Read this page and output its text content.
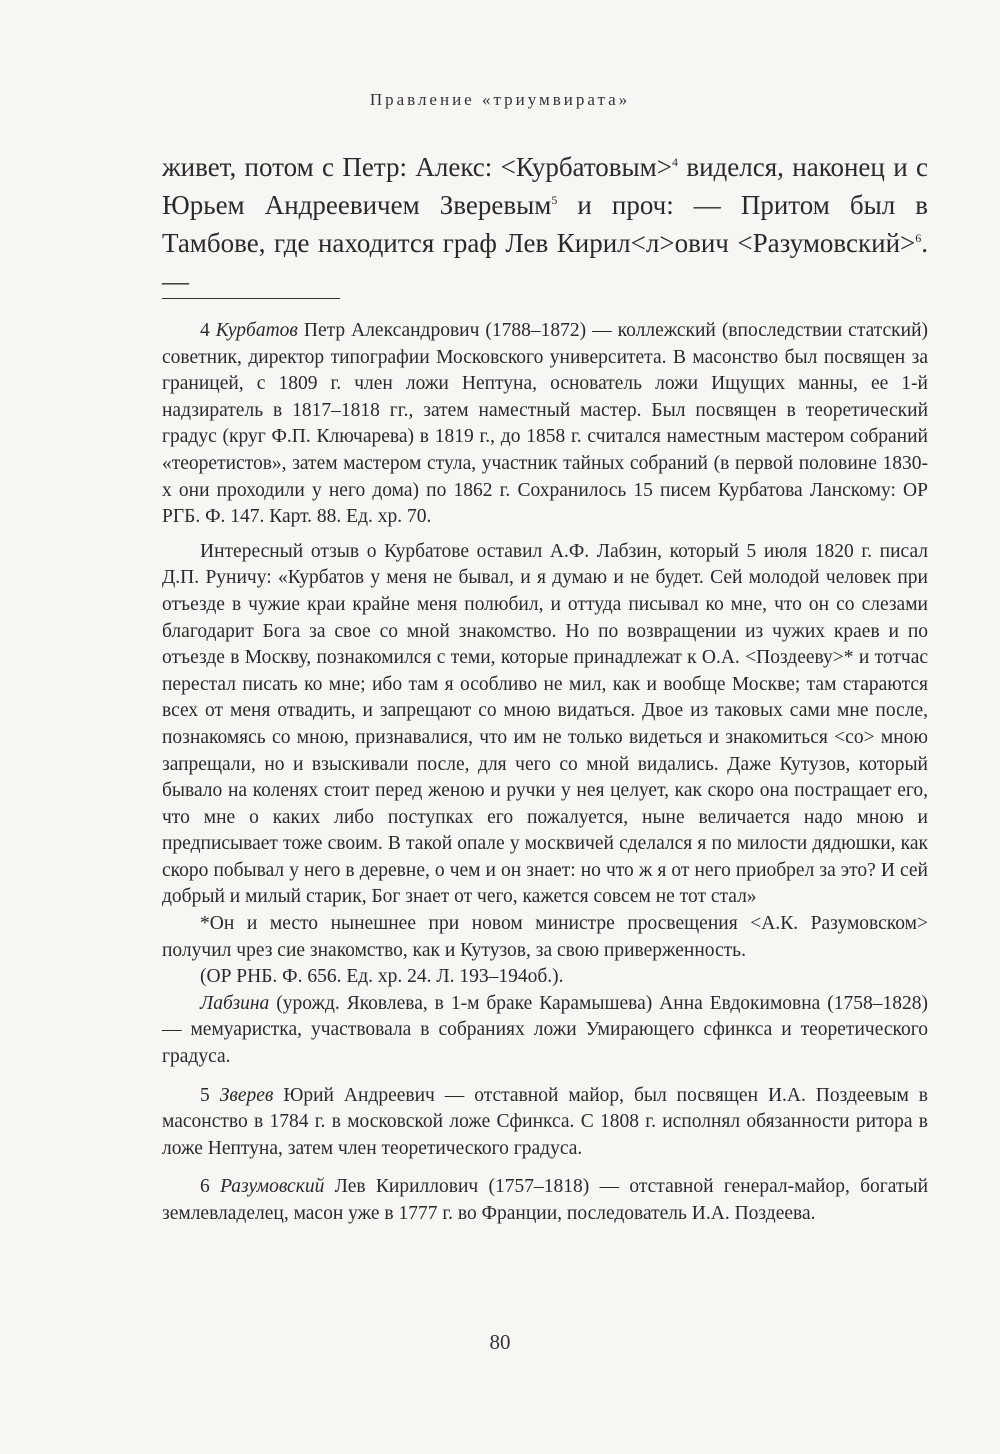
Правление «триумвирата»

живет, потом с Петр: Алекс: <Курбатовым>$^4$ виделся, наконец и с Юрьем Андреевичем Зверевым$^5$ и проч: — Притом был в Тамбове, где находится граф Лев Кирил<л>ович <Разумовский>$^6$. —

4 Курбатов Петр Александрович (1788–1872) — коллежский (впоследствии статский) советник, директор типографии Московского университета. В масонство был посвящен за границей, с 1809 г. член ложи Нептуна, основатель ложи Ищущих манны, ее 1-й надзиратель в 1817–1818 гг., затем наместный мастер. Был посвящен в теоретический градус (круг Ф.П. Ключарева) в 1819 г., до 1858 г. считался наместным мастером собраний «теоретистов», затем мастером стула, участник тайных собраний (в первой половине 1830-х они проходили у него дома) по 1862 г. Сохранилось 15 писем Курбатова Ланскому: ОР РГБ. Ф. 147. Карт. 88. Ед. хр. 70.

Интересный отзыв о Курбатове оставил А.Ф. Лабзин, который 5 июля 1820 г. писал Д.П. Руничу: «Курбатов у меня не бывал, и я думаю и не будет. Сей молодой человек при отъезде в чужие краи крайне меня полюбил, и оттуда писывал ко мне, что он со слезами благодарит Бога за свое со мной знакомство. Но по возвращении из чужих краев и по отъезде в Москву, познакомился с теми, которые принадлежат к О.А. <Поздееву>* и тотчас перестал писать ко мне; ибо там я особливо не мил, как и вообще Москве; там стараются всех от меня отвадить, и запрещают со мною видаться. Двое из таковых сами мне после, познакомясь со мною, признавалися, что им не только видеться и знакомиться <со> мною запрещали, но и взыскивали после, для чего со мной видались. Даже Кутузов, который бывало на коленях стоит перед женою и ручки у нея целует, как скоро она постращает его, что мне о каких либо поступках его пожалуется, ныне величается надо мною и предписывает тоже своим. В такой опале у москвичей сделался я по милости дядюшки, как скоро побывал у него в деревне, о чем и он знает: но что ж я от него приобрел за это? И сей добрый и милый старик, Бог знает от чего, кажется совсем не тот стал»

*Он и место нынешнее при новом министре просвещения <А.К. Разумовском> получил чрез сие знакомство, как и Кутузов, за свою приверженность.

(ОР РНБ. Ф. 656. Ед. хр. 24. Л. 193–194об.).

Лабзина (урожд. Яковлева, в 1-м браке Карамышева) Анна Евдокимовна (1758–1828) — мемуаристка, участвовала в собраниях ложи Умирающего сфинкса и теоретического градуса.

5 Зверев Юрий Андреевич — отставной майор, был посвящен И.А. Поздеевым в масонство в 1784 г. в московской ложе Сфинкса. С 1808 г. исполнял обязанности ритора в ложе Нептуна, затем член теоретического градуса.

6 Разумовский Лев Кириллович (1757–1818) — отставной генерал-майор, богатый землевладелец, масон уже в 1777 г. во Франции, последователь И.А. Поздеева.

80
